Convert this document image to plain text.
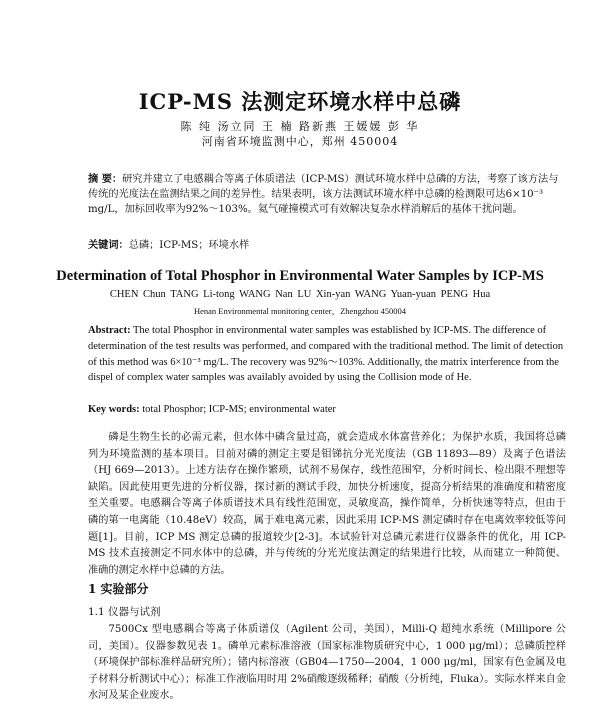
ICP-MS 法测定环境水样中总磷
陈 纯 汤立同 王 楠 路新燕 王媛媛 彭 华
河南省环境监测中心，郑州 450004
摘 要：研究并建立了电感耦合等离子体质谱法（ICP-MS）测试环境水样中总磷的方法，考察了该方法与传统的光度法在监测结果之间的差异性。结果表明，该方法测试环境水样中总磷的检测限可达6×10⁻³ mg/L，加标回收率为92%～103%。氦气碰撞模式可有效解决复杂水样消解后的基体干扰问题。
关键词：总磷；ICP-MS；环境水样
Determination of Total Phosphor in Environmental Water Samples by ICP-MS
CHEN Chun TANG Li-tong WANG Nan LU Xin-yan WANG Yuan-yuan PENG Hua
Henan Environmental monitoring center，Zhengzhou 450004
Abstract: The total Phosphor in environmental water samples was established by ICP-MS. The difference of determination of the test results was performed, and compared with the traditional method. The limit of detection of this method was 6×10⁻³ mg/L. The recovery was 92%～103%. Additionally, the matrix interference from the dispel of complex water samples was availably avoided by using the Collision mode of He.
Key words: total Phosphor; ICP-MS; environmental water
磷是生物生长的必需元素，但水体中磷含量过高，就会造成水体富营养化；为保护水质，我国将总磷列为环境监测的基本项目。目前对磷的测定主要是钼锑抗分光光度法（GB 11893—89）及离子色谱法（HJ 669—2013）。上述方法存在操作繁琐，试剂不易保存，线性范围窄，分析时间长、检出限不理想等缺陷。因此使用更先进的分析仪器，探讨新的测试手段，加快分析速度，提高分析结果的准确度和精密度至关重要。电感耦合等离子体质谱技术具有线性范围宽，灵敏度高，操作简单，分析快速等特点，但由于磷的第一电离能（10.48eV）较高，属于难电离元素，因此采用 ICP-MS 测定磷时存在电离效率较低等问题[1]。目前，ICP MS 测定总磷的报道较少[2-3]。本试验针对总磷元素进行仪器条件的优化，用 ICP-MS 技术直接测定不同水体中的总磷，并与传统的分光光度法测定的结果进行比较，从而建立一种简便、准确的测定水样中总磷的方法。
1 实验部分
1.1 仪器与试剂
7500Cx 型电感耦合等离子体质谱仪（Agilent 公司，美国），Milli-Q 超纯水系统（Millipore 公司，美国）。仪器参数见表 1。磷单元素标准溶液（国家标准物质研究中心，1 000 μg/ml）；总磷质控样（环境保护部标准样品研究所）；锗内标溶液（GB04—1750—2004，1 000 μg/ml，国家有色金属及电子材料分析测试中心）；标准工作液临用时用 2%硝酸逐级稀释；硝酸（分析纯，Fluka）。实际水样来自金水河及某企业废水。
